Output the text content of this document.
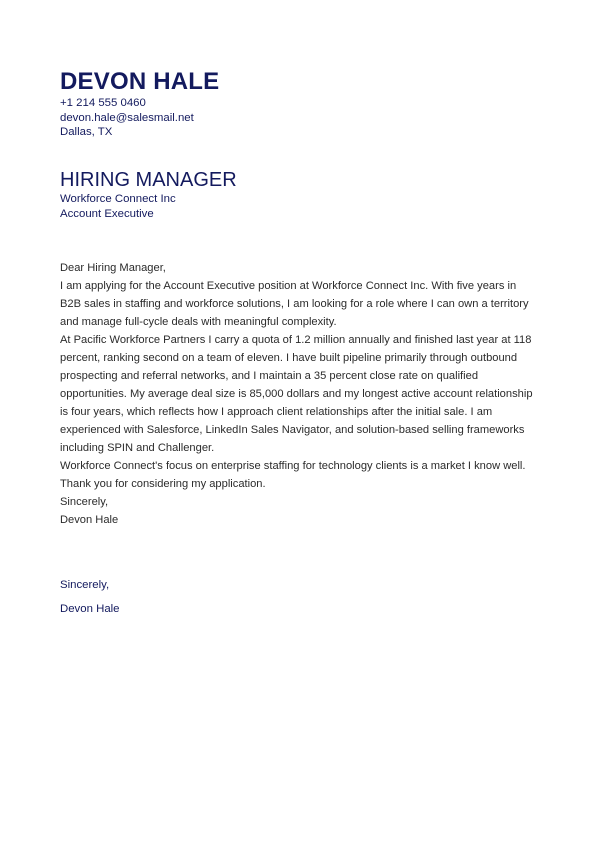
DEVON HALE
+1 214 555 0460
devon.hale@salesmail.net
Dallas, TX
HIRING MANAGER
Workforce Connect Inc
Account Executive

Dear Hiring Manager,

I am applying for the Account Executive position at Workforce Connect Inc. With five years in B2B sales in staffing and workforce solutions, I am looking for a role where I can own a territory and manage full-cycle deals with meaningful complexity.

At Pacific Workforce Partners I carry a quota of 1.2 million annually and finished last year at 118 percent, ranking second on a team of eleven. I have built pipeline primarily through outbound prospecting and referral networks, and I maintain a 35 percent close rate on qualified opportunities. My average deal size is 85,000 dollars and my longest active account relationship is four years, which reflects how I approach client relationships after the initial sale. I am experienced with Salesforce, LinkedIn Sales Navigator, and solution-based selling frameworks including SPIN and Challenger.

Workforce Connect's focus on enterprise staffing for technology clients is a market I know well. Thank you for considering my application.

Sincerely,

Devon Hale

Sincerely,
Devon Hale
